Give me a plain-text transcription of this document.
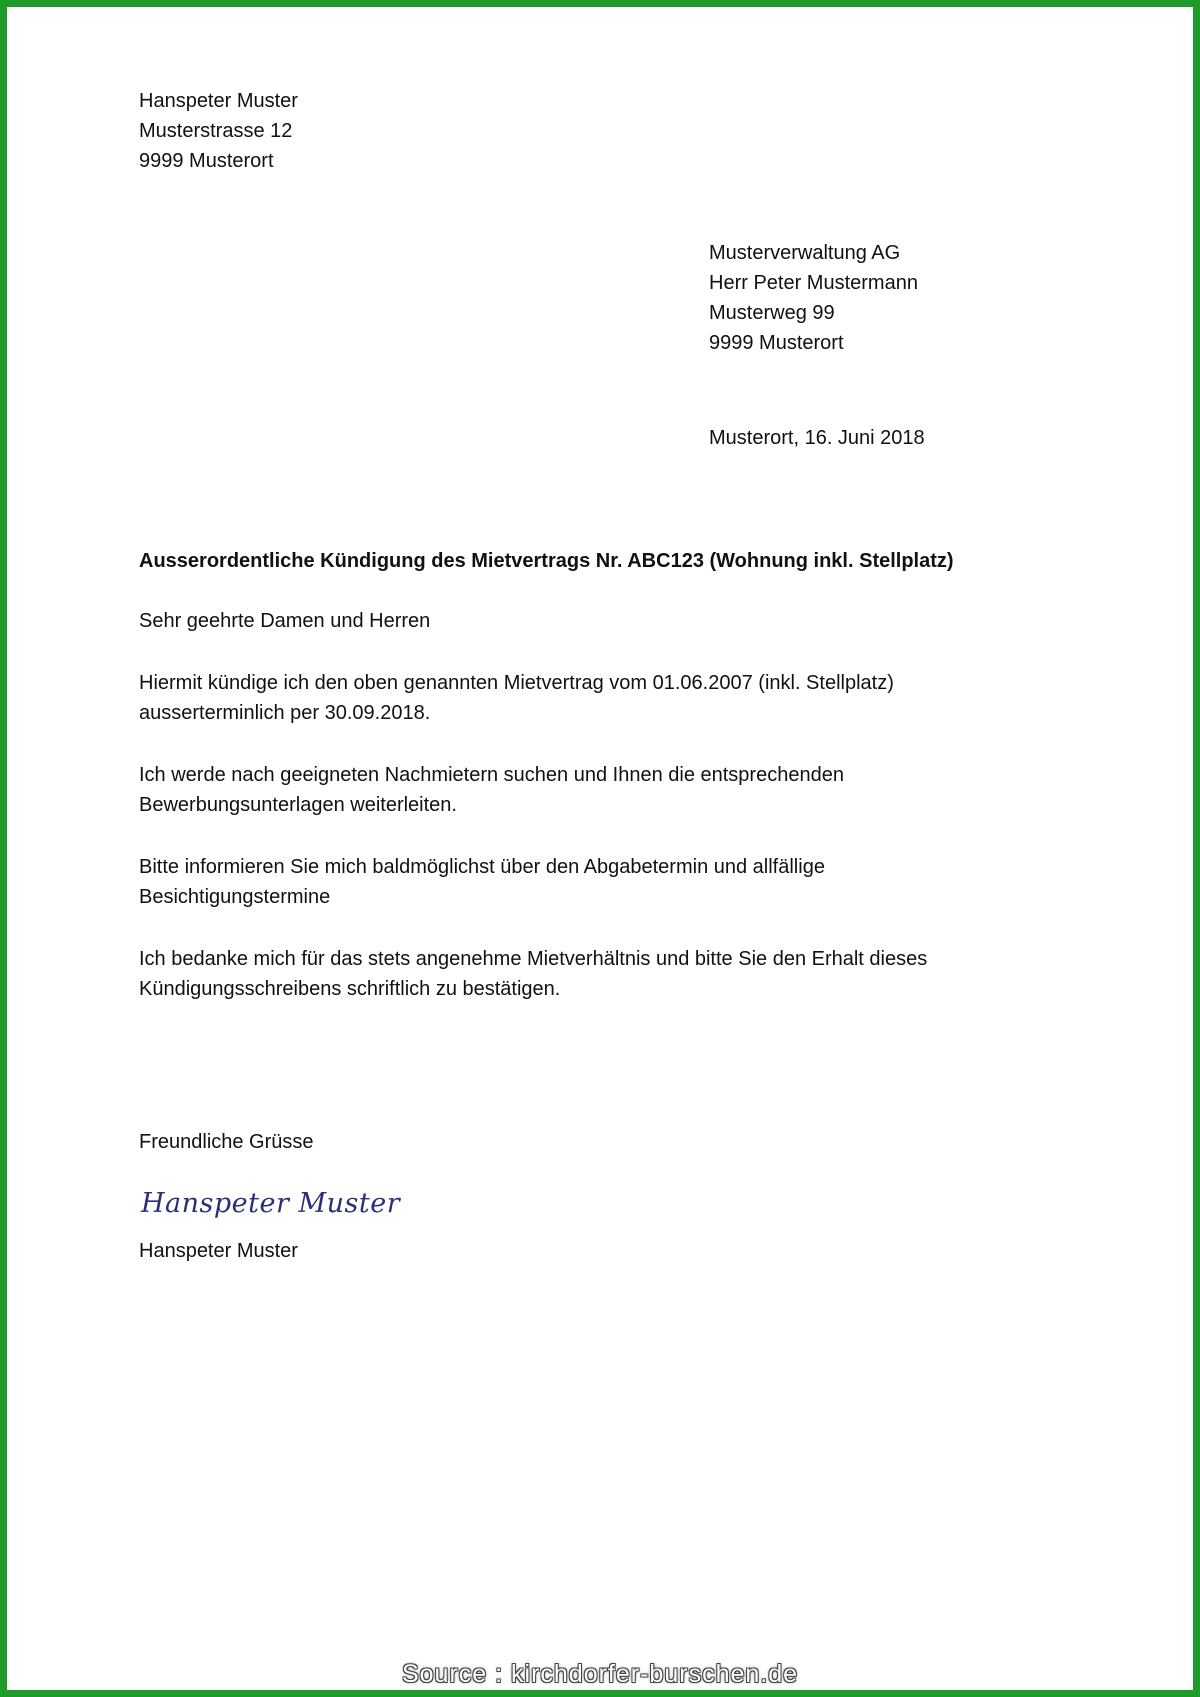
Hanspeter Muster
Musterstrasse 12
9999 Musterort
Musterverwaltung AG
Herr Peter Mustermann
Musterweg 99
9999 Musterort
Musterort, 16. Juni 2018
Ausserordentliche Kündigung des Mietvertrags Nr. ABC123 (Wohnung inkl. Stellplatz)
Sehr geehrte Damen und Herren
Hiermit kündige ich den oben genannten Mietvertrag vom 01.06.2007 (inkl. Stellplatz)
ausserterminlich per 30.09.2018.
Ich werde nach geeigneten Nachmietern suchen und Ihnen die entsprechenden
Bewerbungsunterlagen weiterleiten.
Bitte informieren Sie mich baldmöglichst über den Abgabetermin und allfällige
Besichtigungstermine
Ich bedanke mich für das stets angenehme Mietverhältnis und bitte Sie den Erhalt dieses
Kündigungsschreibens schriftlich zu bestätigen.
Freundliche Grüsse
Hanspeter Muster
Hanspeter Muster
Source : kirchdorfer-burschen.de
